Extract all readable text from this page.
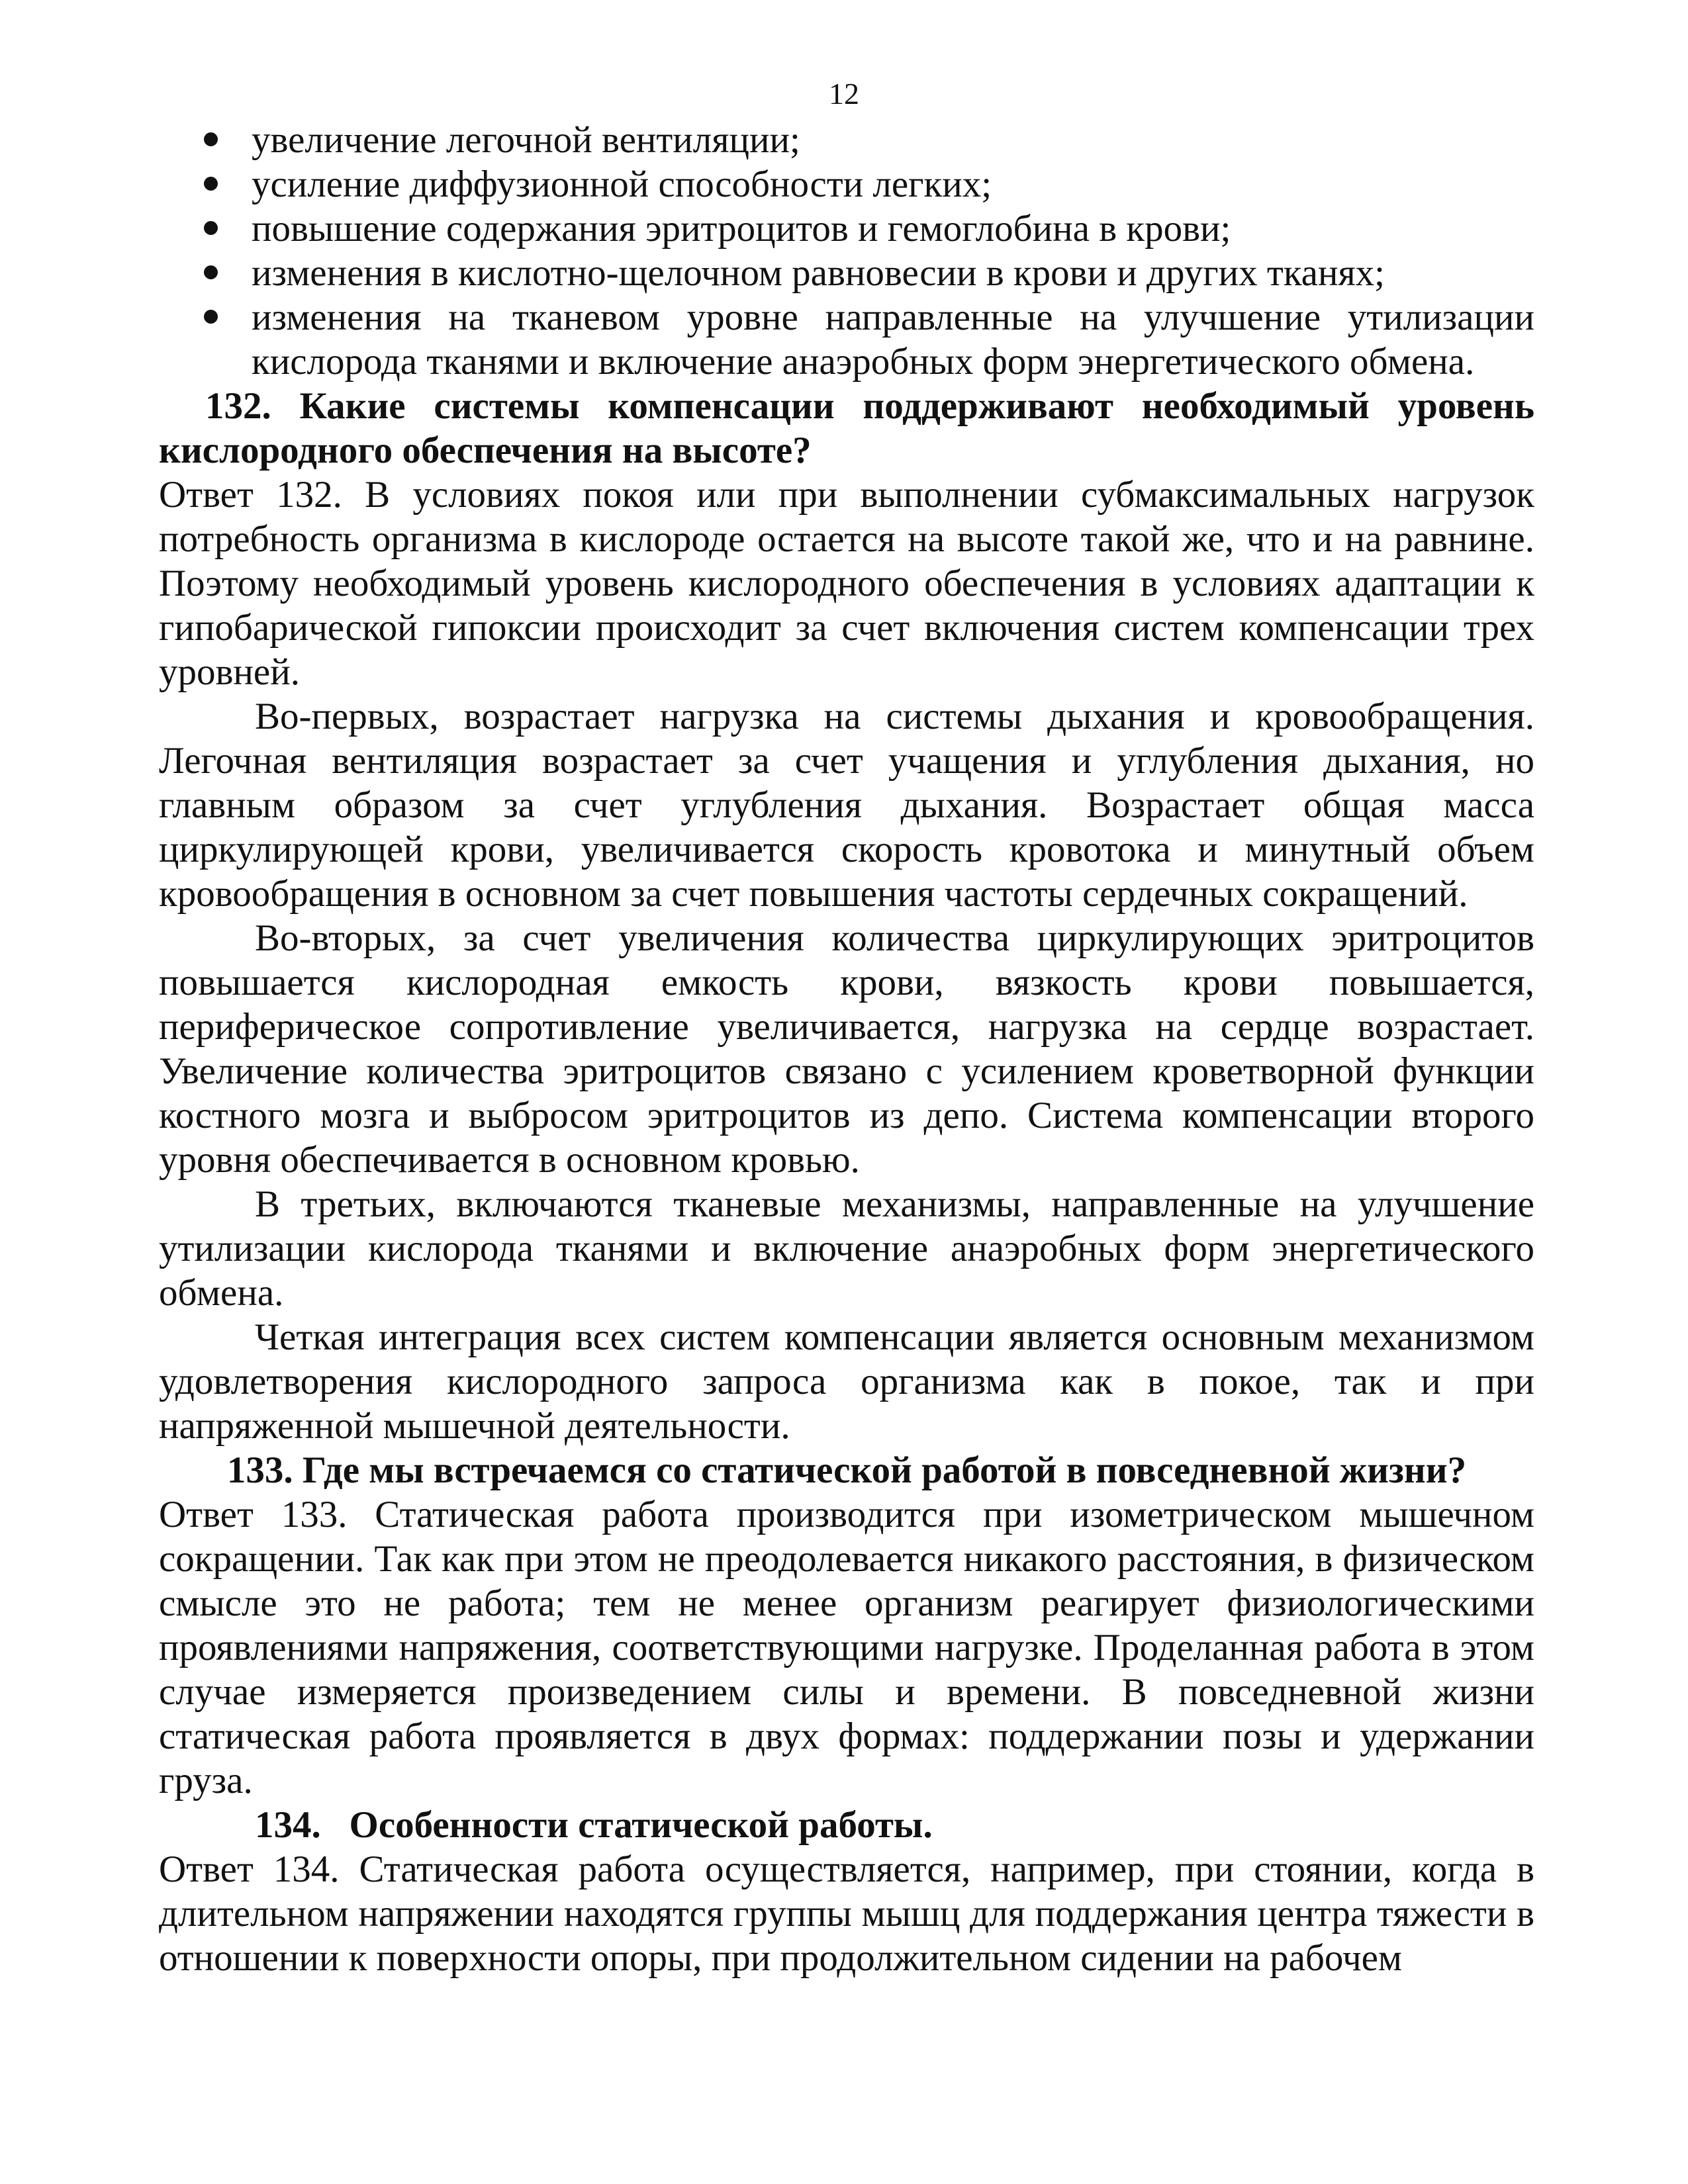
12
увеличение легочной вентиляции;
усиление диффузионной способности легких;
повышение содержания эритроцитов и гемоглобина в крови;
изменения в кислотно-щелочном равновесии в крови и других тканях;
изменения на тканевом уровне направленные на улучшение утилизации кислорода тканями и включение анаэробных форм энергетического обмена.

132. Какие системы компенсации поддерживают необходимый уровень кислородного обеспечения на высоте?

Ответ 132. В условиях покоя или при выполнении субмаксимальных нагрузок потребность организма в кислороде остается на высоте такой же, что и на равнине. Поэтому необходимый уровень кислородного обеспечения в условиях адаптации к гипобарической гипоксии происходит за счет включения систем компенсации трех уровней.

Во-первых, возрастает нагрузка на системы дыхания и кровообращения. Легочная вентиляция возрастает за счет учащения и углубления дыхания, но главным образом за счет углубления дыхания. Возрастает общая масса циркулирующей крови, увеличивается скорость кровотока и минутный объем кровообращения в основном за счет повышения частоты сердечных сокращений.

Во-вторых, за счет увеличения количества циркулирующих эритроцитов повышается кислородная емкость крови, вязкость крови повышается, периферическое сопротивление увеличивается, нагрузка на сердце возрастает. Увеличение количества эритроцитов связано с усилением кроветворной функции костного мозга и выбросом эритроцитов из депо. Система компенсации второго уровня обеспечивается в основном кровью.

В третьих, включаются тканевые механизмы, направленные на улучшение утилизации кислорода тканями и включение анаэробных форм энергетического обмена.

Четкая интеграция всех систем компенсации является основным механизмом удовлетворения кислородного запроса организма как в покое, так и при напряженной мышечной деятельности.

133. Где мы встречаемся со статической работой в повседневной жизни?

Ответ 133. Статическая работа производится при изометрическом мышечном сокращении. Так как при этом не преодолевается никакого расстояния, в физическом смысле это не работа; тем не менее организм реагирует физиологическими проявлениями напряжения, соответствующими нагрузке. Проделанная работа в этом случае измеряется произведением силы и времени. В повседневной жизни статическая работа проявляется в двух формах: поддержании позы и удержании груза.

134.   Особенности статической работы.

Ответ 134. Статическая работа осуществляется, например, при стоянии, когда в длительном напряжении находятся группы мышц для поддержания центра тяжести в отношении к поверхности опоры, при продолжительном сидении на рабочем
